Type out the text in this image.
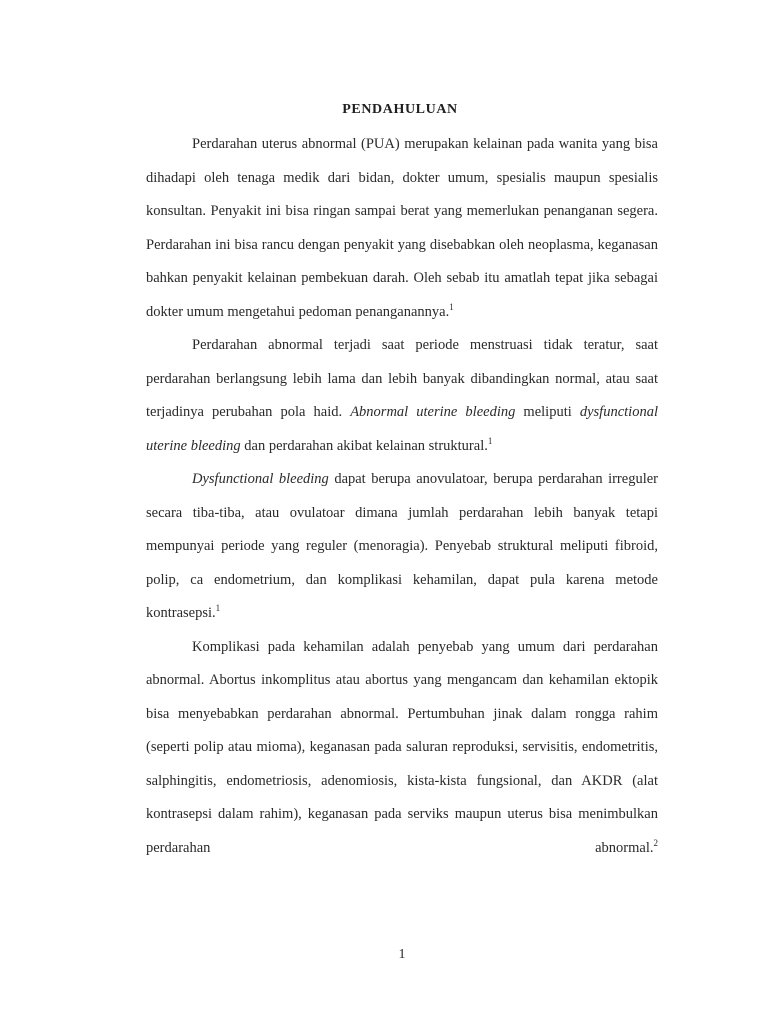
PENDAHULUAN

Perdarahan uterus abnormal (PUA) merupakan kelainan pada wanita yang bisa dihadapi oleh tenaga medik dari bidan, dokter umum, spesialis maupun spesialis konsultan. Penyakit ini bisa ringan sampai berat yang memerlukan penanganan segera. Perdarahan ini bisa rancu dengan penyakit yang disebabkan oleh neoplasma, keganasan bahkan penyakit kelainan pembekuan darah. Oleh sebab itu amatlah tepat jika sebagai dokter umum mengetahui pedoman penanganannya.$^1$

Perdarahan abnormal terjadi saat periode menstruasi tidak teratur, saat perdarahan berlangsung lebih lama dan lebih banyak dibandingkan normal, atau saat terjadinya perubahan pola haid. Abnormal uterine bleeding meliputi dysfunctional uterine bleeding dan perdarahan akibat kelainan struktural.$^1$

Dysfunctional bleeding dapat berupa anovulatoar, berupa perdarahan irreguler secara tiba-tiba, atau ovulatoar dimana jumlah perdarahan lebih banyak tetapi mempunyai periode yang reguler (menoragia). Penyebab struktural meliputi fibroid, polip, ca endometrium, dan komplikasi kehamilan, dapat pula karena metode kontrasepsi.$^1$

Komplikasi pada kehamilan adalah penyebab yang umum dari perdarahan abnormal. Abortus inkomplitus atau abortus yang mengancam dan kehamilan ektopik bisa menyebabkan perdarahan abnormal. Pertumbuhan jinak dalam rongga rahim (seperti polip atau mioma), keganasan pada saluran reproduksi, servisitis, endometritis, salphingitis, endometriosis, adenomiosis, kista-kista fungsional, dan AKDR (alat kontrasepsi dalam rahim), keganasan pada serviks maupun uterus bisa menimbulkan perdarahan abnormal.$^2$

1
